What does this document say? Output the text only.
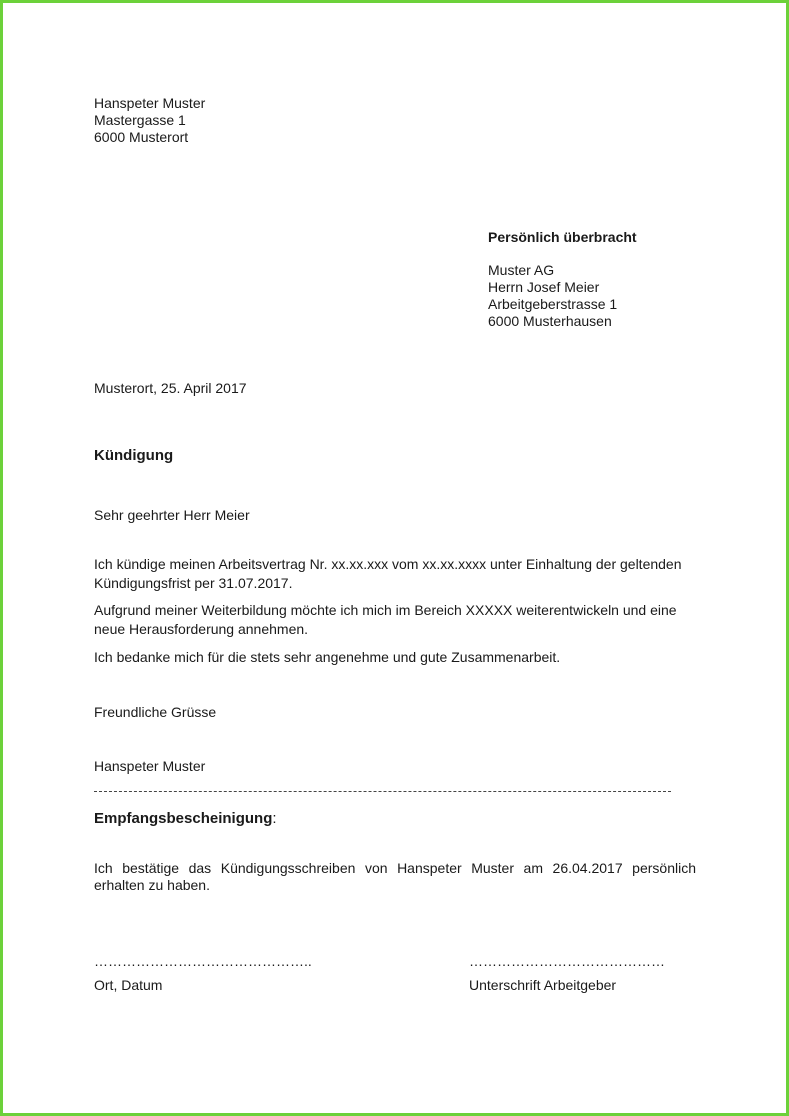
Hanspeter Muster
Mastergasse 1
6000 Musterort
Persönlich überbracht
Muster AG
Herrn Josef Meier
Arbeitgeberstrasse 1
6000 Musterhausen
Musterort, 25. April 2017
Kündigung
Sehr geehrter Herr Meier
Ich kündige meinen Arbeitsvertrag Nr. xx.xx.xxx vom xx.xx.xxxx unter Einhaltung der geltenden Kündigungsfrist per 31.07.2017.
Aufgrund meiner Weiterbildung möchte ich mich im Bereich XXXXX weiterentwickeln und eine neue Herausforderung annehmen.
Ich bedanke mich für die stets sehr angenehme und gute Zusammenarbeit.
Freundliche Grüsse
Hanspeter Muster
Empfangsbescheinigung:
Ich bestätige das Kündigungsschreiben von Hanspeter Muster am 26.04.2017 persönlich erhalten zu haben.
………………………………………..	……………………………………
Ort, Datum	Unterschrift Arbeitgeber
